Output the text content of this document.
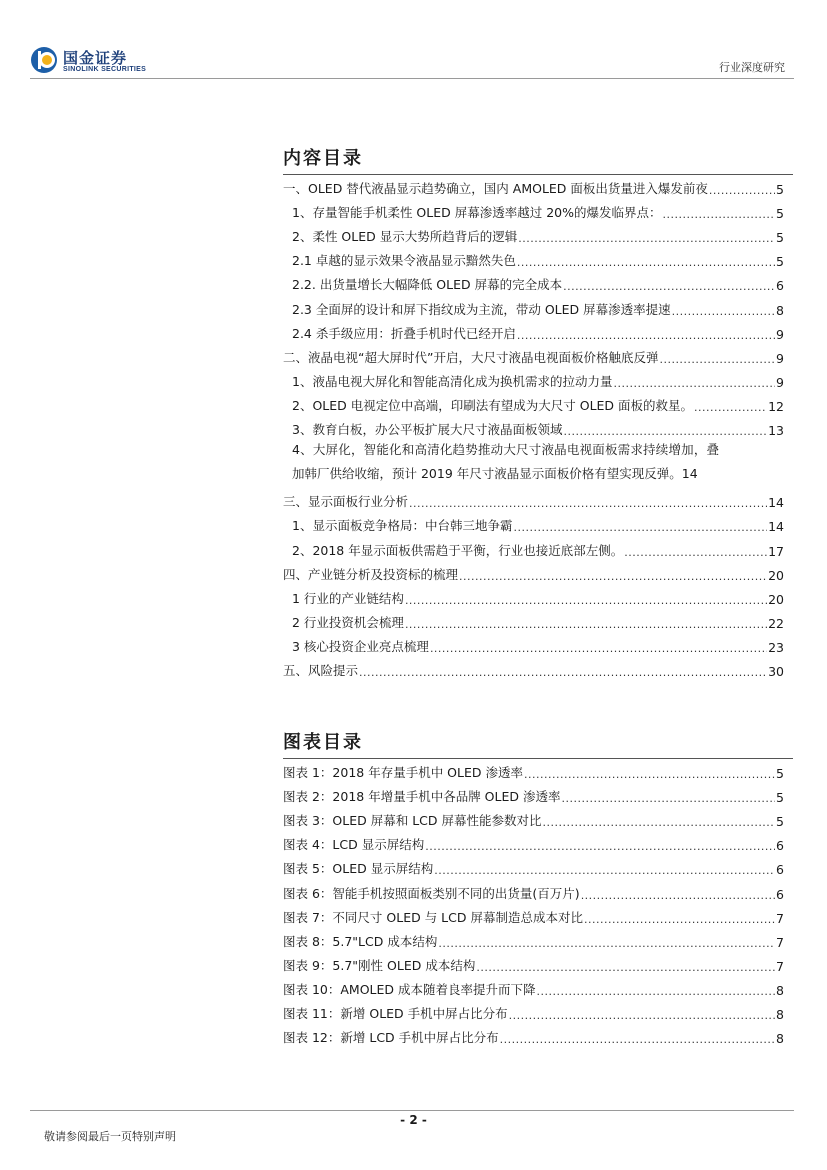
国金证券
SINOLINK SECURITIES	行业深度研究
内容目录
一、OLED 替代液晶显示趋势确立，国内 AMOLED 面板出货量进入爆发前夜 .....	5
1、存量智能手机柔性 OLED 屏幕渗透率越过 20%的爆发临界点： .....	5
2、柔性 OLED 显示大势所趋背后的逻辑 .....	5
2.1 卓越的显示效果令液晶显示黯然失色 .....	5
2.2. 出货量增长大幅降低 OLED 屏幕的完全成本 .....	6
2.3 全面屏的设计和屏下指纹成为主流，带动 OLED 屏幕渗透率提速 .....	8
2.4 杀手级应用：折叠手机时代已经开启 .....	9
二、液晶电视“超大屏时代”开启，大尺寸液晶电视面板价格触底反弹 .....	9
1、液晶电视大屏化和智能高清化成为换机需求的拉动力量 .....	9
2、OLED 电视定位中高端，印刷法有望成为大尺寸 OLED 面板的救星。 .....	12
3、教育白板，办公平板扩展大尺寸液晶面板领域 .....	13
4、大屏化，智能化和高清化趋势推动大尺寸液晶电视面板需求持续增加，叠
加韩厂供给收缩，预计 2019 年尺寸液晶显示面板价格有望实现反弹。 14
三、显示面板行业分析 .....	14
1、显示面板竞争格局：中台韩三地争霸 .....	14
2、2018 年显示面板供需趋于平衡，行业也接近底部左侧。 .....	17
四、产业链分析及投资标的梳理 .....	20
1 行业的产业链结构 .....	20
2 行业投资机会梳理 .....	22
3 核心投资企业亮点梳理 .....	23
五、风险提示 .....	30
图表目录
图表 1：2018 年存量手机中 OLED 渗透率 .....	5
图表 2：2018 年增量手机中各品牌 OLED 渗透率 .....	5
图表 3：OLED 屏幕和 LCD 屏幕性能参数对比 .....	5
图表 4：LCD 显示屏结构 .....	6
图表 5：OLED 显示屏结构 .....	6
图表 6：智能手机按照面板类别不同的出货量(百万片) .....	6
图表 7：不同尺寸 OLED 与 LCD 屏幕制造总成本对比 .....	7
图表 8：5.7"LCD 成本结构 .....	7
图表 9：5.7"刚性 OLED 成本结构 .....	7
图表 10：AMOLED 成本随着良率提升而下降 .....	8
图表 11：新增 OLED 手机中屏占比分布 .....	8
图表 12：新增 LCD 手机中屏占比分布 .....	8
- 2 -
敬请参阅最后一页特别声明
